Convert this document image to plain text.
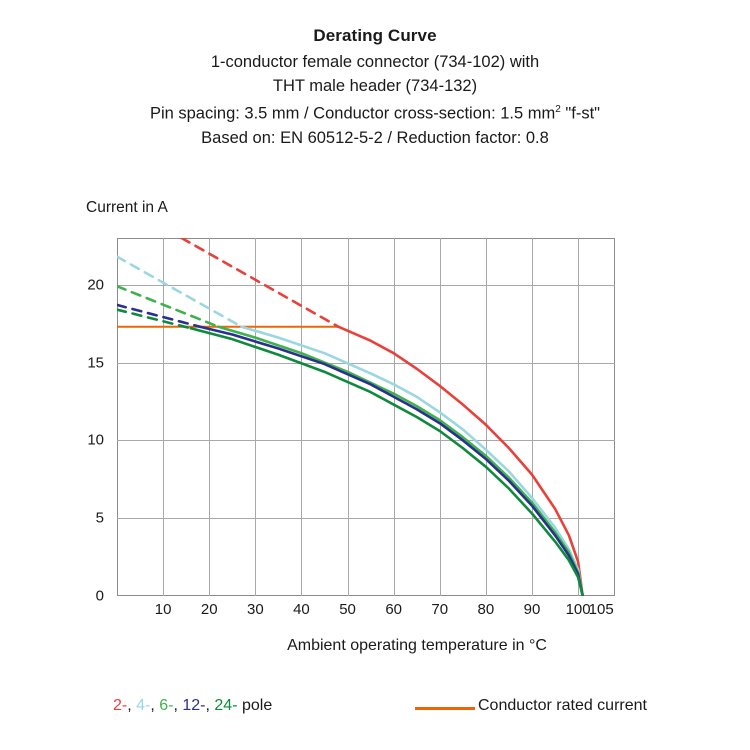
Derating Curve
1-conductor female connector (734-102) with
THT male header (734-132)
Pin spacing: 3.5 mm / Conductor cross-section: 1.5 $mm^2$ "f-st"
Based on: EN 60512-5-2 / Reduction factor: 0.8
Current in A
10 20 30 40 50 60 70 80 90 100
105
0
5
10
15
20
Ambient operating temperature in °C
2-, 4-, 6-, 12-, 24- pole	Conductor rated current
